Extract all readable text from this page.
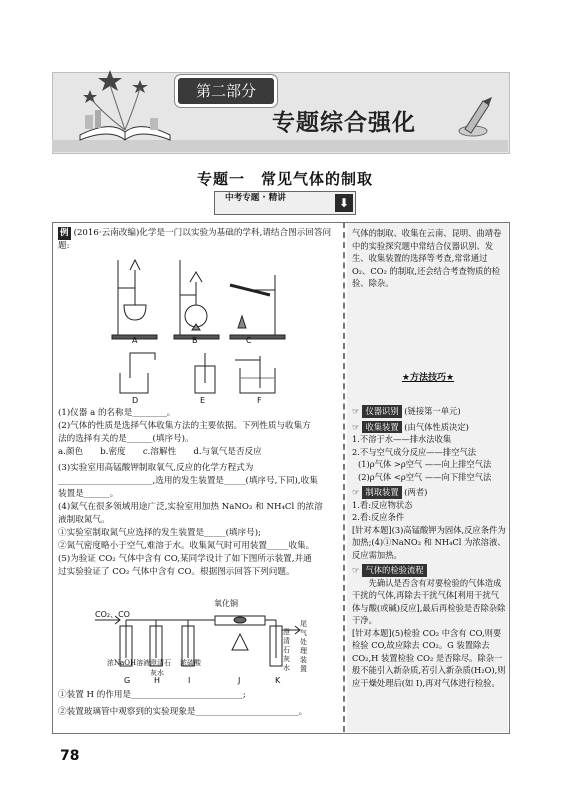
第二部分
专题综合强化
专题一　常见气体的制取
中考专题 · 精讲	⬇
例 (2016·云南改编)化学是一门以实验为基础的学科,请结合图示回答问题:
A	B	C
D	E	F
(1)仪器 a 的名称是________。
(2)气体的性质是选择气体收集方法的主要依据。下列性质与收集方
法的选择有关的是______(填序号)。
a.颜色　　b.密度　　c.溶解性　　d.与氧气是否反应
(3)实验室用高锰酸钾制取氧气,反应的化学方程式为
______________________,选用的发生装置是_____(填序号,下同),收集
装置是______。
(4)氮气在很多领域用途广泛,实验室用加热 NaNO₂ 和 NH₄Cl 的浓溶
液制取氮气。
①实验室制取氮气应选择的发生装置是_____(填序号);
②氮气密度略小于空气,难溶于水。收集氮气时可用装置_____收集。
(5)为验证 CO₂ 气体中含有 CO,某同学设计了如下图所示装置,并通
过实验验证了 CO₂ 气体中含有 CO。根据图示回答下列问题。
氧化铜
CO₂、CO
尾气处理装置
浓NaOH溶液 澄清石灰水
浓硫酸
澄清石灰水
G	H	I	J	K
①装置 H 的作用是__________________________;
②装置玻璃管中观察到的实验现象是________________________。
气体的制取、收集在云南、昆明、曲靖卷中的实验探究题中常结合仪器识别、发生、收集装置的选择等考查,常常通过 O₂、CO₂ 的制取,还会结合考查物质的检验、除杂。
★方法技巧★
☞ 仪器识别 (链接第一单元)
☞ 收集装置 (由气体性质决定)
1.不溶于水——排水法收集
2.不与空气成分反应——排空气法
(1)ρ气体 >ρ空气 ——向上排空气法
(2)ρ气体 <ρ空气 ——向下排空气法
☞ 制取装置 (两者)
1.看:反应物状态
2.看:反应条件
[针对本题](3)高锰酸钾为固体,反应条件为加热;(4)①NaNO₂ 和 NH₄Cl 为浓溶液、反应需加热。
☞ 气体的检验流程
先确认是否含有对要检验的气体造成干扰的气体,再除去干扰气体[利用干扰气体与酸(或碱)反应],最后再检验是否除杂除干净。
[针对本题](5)检验 CO₂ 中含有 CO,则要检验 CO,故应除去 CO₂。G 装置除去 CO₂,H 装置检验 CO₂ 是否除尽。除杂一般不能引入新杂质,若引入新杂质(H₂O),则应干燥处理后(如 I),再对气体进行检验。
78
